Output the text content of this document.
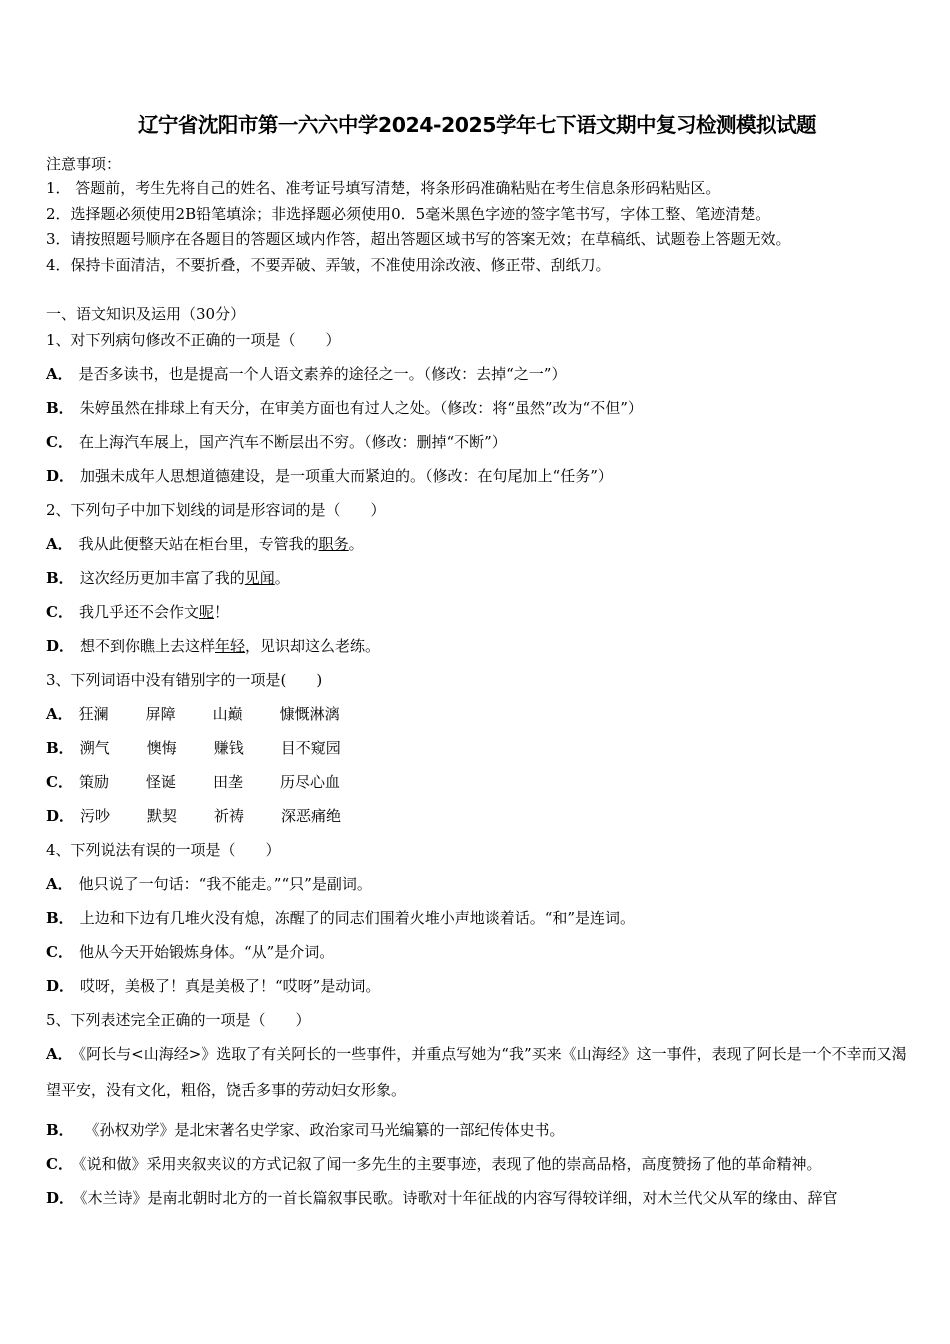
辽宁省沈阳市第一六六中学2024-2025学年七下语文期中复习检测模拟试题
注意事项：
1． 答题前，考生先将自己的姓名、准考证号填写清楚，将条形码准确粘贴在考生信息条形码粘贴区。
2．选择题必须使用2B铅笔填涂；非选择题必须使用0．5毫米黑色字迹的签字笔书写，字体工整、笔迹清楚。
3．请按照题号顺序在各题目的答题区域内作答，超出答题区域书写的答案无效；在草稿纸、试题卷上答题无效。
4．保持卡面清洁，不要折叠，不要弄破、弄皱，不准使用涂改液、修正带、刮纸刀。
一、语文知识及运用（30分）
1、对下列病句修改不正确的一项是（　　）
A． 是否多读书，也是提高一个人语文素养的途径之一。（修改：去掉“之一”）
B． 朱婷虽然在排球上有天分，在审美方面也有过人之处。（修改：将“虽然”改为“不但”）
C． 在上海汽车展上，国产汽车不断层出不穷。（修改：删掉“不断”）
D． 加强未成年人思想道德建设，是一项重大而紧迫的。（修改：在句尾加上“任务”）
2、下列句子中加下划线的词是形容词的是（　　）
A． 我从此便整天站在柜台里，专管我的职务。
B． 这次经历更加丰富了我的见闻。
C． 我几乎还不会作文呢！
D． 想不到你瞧上去这样年轻，见识却这么老练。
3、下列词语中没有错别字的一项是(　　)
A． 狂澜 屏障 山巅 慷慨淋漓
B． 溯气 懊悔 赚钱 目不窥园
C． 策励 怪诞 田垄 历尽心血
D． 污吵 默契 祈祷 深恶痛绝
4、下列说法有误的一项是（　　）
A． 他只说了一句话：“我不能走。”“只”是副词。
B． 上边和下边有几堆火没有熄，冻醒了的同志们围着火堆小声地谈着话。“和”是连词。
C． 他从今天开始锻炼身体。“从”是介词。
D． 哎呀，美极了！真是美极了！“哎呀”是动词。
5、下列表述完全正确的一项是（　　）
A． 《阿长与<山海经>》选取了有关阿长的一些事件，并重点写她为“我”买来《山海经》这一事件，表现了阿长是一个不幸而又渴望平安，没有文化，粗俗，饶舌多事的劳动妇女形象。
B． 《孙权劝学》是北宋著名史学家、政治家司马光编纂的一部纪传体史书。
C． 《说和做》采用夹叙夹议的方式记叙了闻一多先生的主要事迹，表现了他的崇高品格，高度赞扬了他的革命精神。
D． 《木兰诗》是南北朝时北方的一首长篇叙事民歌。诗歌对十年征战的内容写得较详细，对木兰代父从军的缘由、辞官
